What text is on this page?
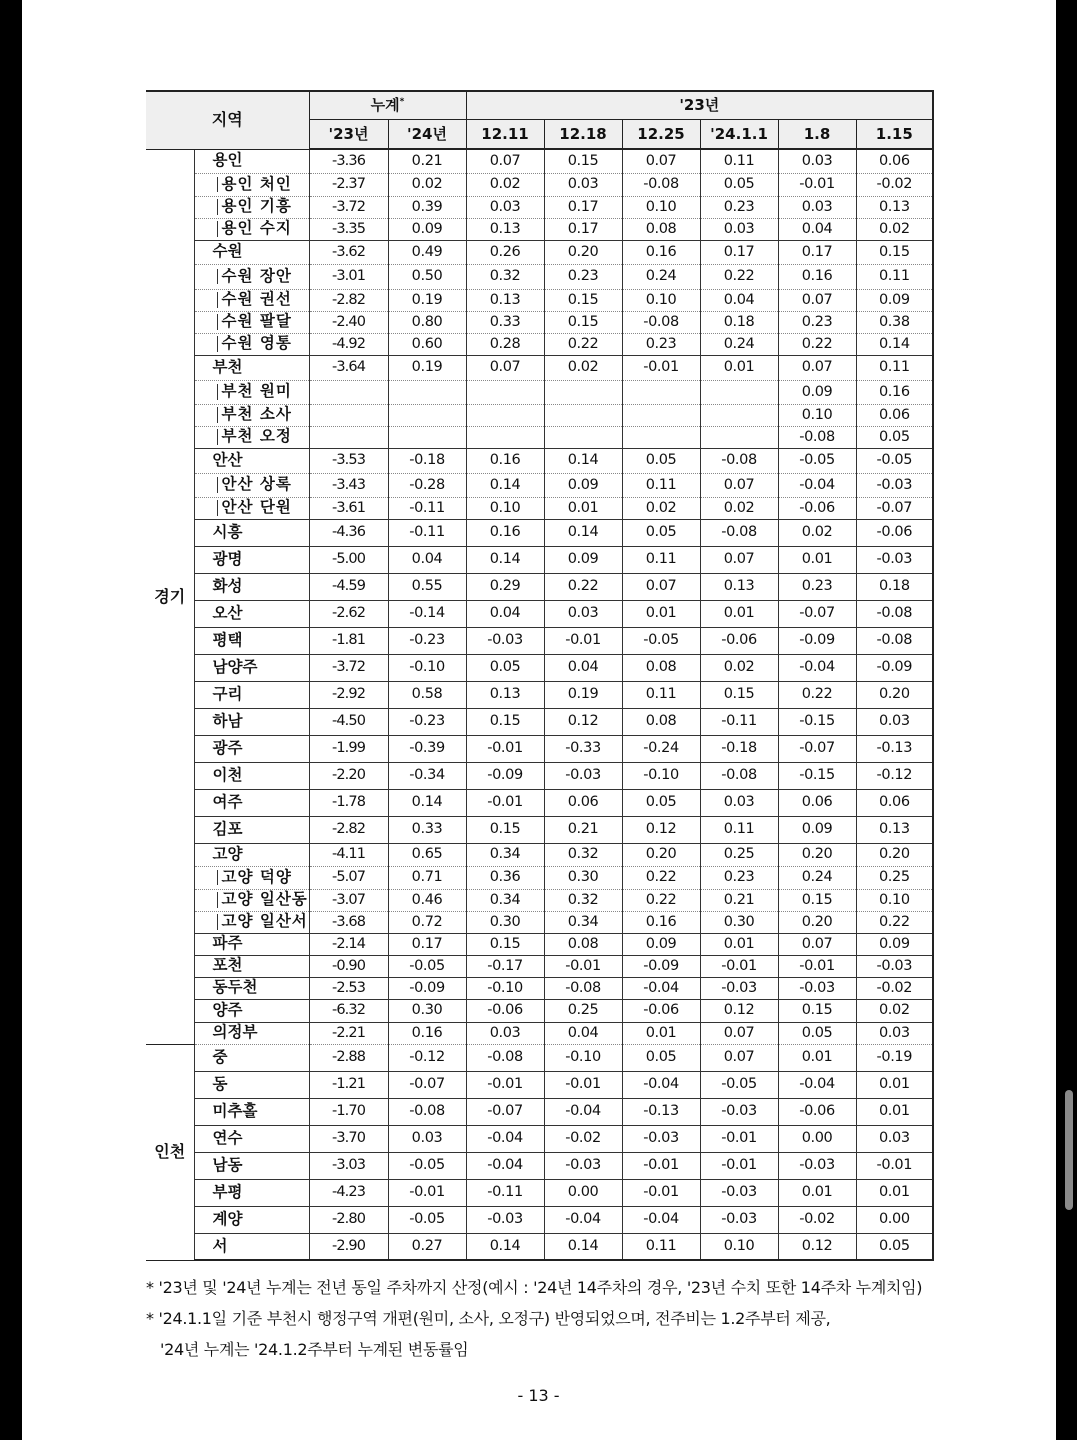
지역		누계*		'23년					
		'23년	'24년	12.11	12.18	12.25	'24.1.1	1.8	1.15
경기	용인	-3.36	0.21	0.07	0.15	0.07	0.11	0.03	0.06
	용인 처인	-2.37	0.02	0.02	0.03	-0.08	0.05	-0.01	-0.02
	용인 기흥	-3.72	0.39	0.03	0.17	0.10	0.23	0.03	0.13
	용인 수지	-3.35	0.09	0.13	0.17	0.08	0.03	0.04	0.02
	수원	-3.62	0.49	0.26	0.20	0.16	0.17	0.17	0.15
	수원 장안	-3.01	0.50	0.32	0.23	0.24	0.22	0.16	0.11
	수원 권선	-2.82	0.19	0.13	0.15	0.10	0.04	0.07	0.09
	수원 팔달	-2.40	0.80	0.33	0.15	-0.08	0.18	0.23	0.38
	수원 영통	-4.92	0.60	0.28	0.22	0.23	0.24	0.22	0.14
	부천	-3.64	0.19	0.07	0.02	-0.01	0.01	0.07	0.11
	부천 원미							0.09	0.16
	부천 소사							0.10	0.06
	부천 오정							-0.08	0.05
	안산	-3.53	-0.18	0.16	0.14	0.05	-0.08	-0.05	-0.05
	안산 상록	-3.43	-0.28	0.14	0.09	0.11	0.07	-0.04	-0.03
	안산 단원	-3.61	-0.11	0.10	0.01	0.02	0.02	-0.06	-0.07
	시흥	-4.36	-0.11	0.16	0.14	0.05	-0.08	0.02	-0.06
	광명	-5.00	0.04	0.14	0.09	0.11	0.07	0.01	-0.03
	화성	-4.59	0.55	0.29	0.22	0.07	0.13	0.23	0.18
	오산	-2.62	-0.14	0.04	0.03	0.01	0.01	-0.07	-0.08
	평택	-1.81	-0.23	-0.03	-0.01	-0.05	-0.06	-0.09	-0.08
	남양주	-3.72	-0.10	0.05	0.04	0.08	0.02	-0.04	-0.09
	구리	-2.92	0.58	0.13	0.19	0.11	0.15	0.22	0.20
	하남	-4.50	-0.23	0.15	0.12	0.08	-0.11	-0.15	0.03
	광주	-1.99	-0.39	-0.01	-0.33	-0.24	-0.18	-0.07	-0.13
	이천	-2.20	-0.34	-0.09	-0.03	-0.10	-0.08	-0.15	-0.12
	여주	-1.78	0.14	-0.01	0.06	0.05	0.03	0.06	0.06
	김포	-2.82	0.33	0.15	0.21	0.12	0.11	0.09	0.13
	고양	-4.11	0.65	0.34	0.32	0.20	0.25	0.20	0.20
	고양 덕양	-5.07	0.71	0.36	0.30	0.22	0.23	0.24	0.25
	고양 일산동	-3.07	0.46	0.34	0.32	0.22	0.21	0.15	0.10
	고양 일산서	-3.68	0.72	0.30	0.34	0.16	0.30	0.20	0.22
	파주	-2.14	0.17	0.15	0.08	0.09	0.01	0.07	0.09
	포천	-0.90	-0.05	-0.17	-0.01	-0.09	-0.01	-0.01	-0.03
	동두천	-2.53	-0.09	-0.10	-0.08	-0.04	-0.03	-0.03	-0.02
	양주	-6.32	0.30	-0.06	0.25	-0.06	0.12	0.15	0.02
	의정부	-2.21	0.16	0.03	0.04	0.01	0.07	0.05	0.03
인천	중	-2.88	-0.12	-0.08	-0.10	0.05	0.07	0.01	-0.19
	동	-1.21	-0.07	-0.01	-0.01	-0.04	-0.05	-0.04	0.01
	미추홀	-1.70	-0.08	-0.07	-0.04	-0.13	-0.03	-0.06	0.01
	연수	-3.70	0.03	-0.04	-0.02	-0.03	-0.01	0.00	0.03
	남동	-3.03	-0.05	-0.04	-0.03	-0.01	-0.01	-0.03	-0.01
	부평	-4.23	-0.01	-0.11	0.00	-0.01	-0.03	0.01	0.01
	계양	-2.80	-0.05	-0.03	-0.04	-0.04	-0.03	-0.02	0.00
	서	-2.90	0.27	0.14	0.14	0.11	0.10	0.12	0.05

* '23년 및 '24년 누계는 전년 동일 주차까지 산정(예시 : '24년 14주차의 경우, '23년 수치 또한 14주차 누계치임)

* '24.1.1일 기준 부천시 행정구역 개편(원미, 소사, 오정구) 반영되었으며, 전주비는 1.2주부터 제공,

'24년 누계는 '24.1.2주부터 누계된 변동률임

- 13 -
